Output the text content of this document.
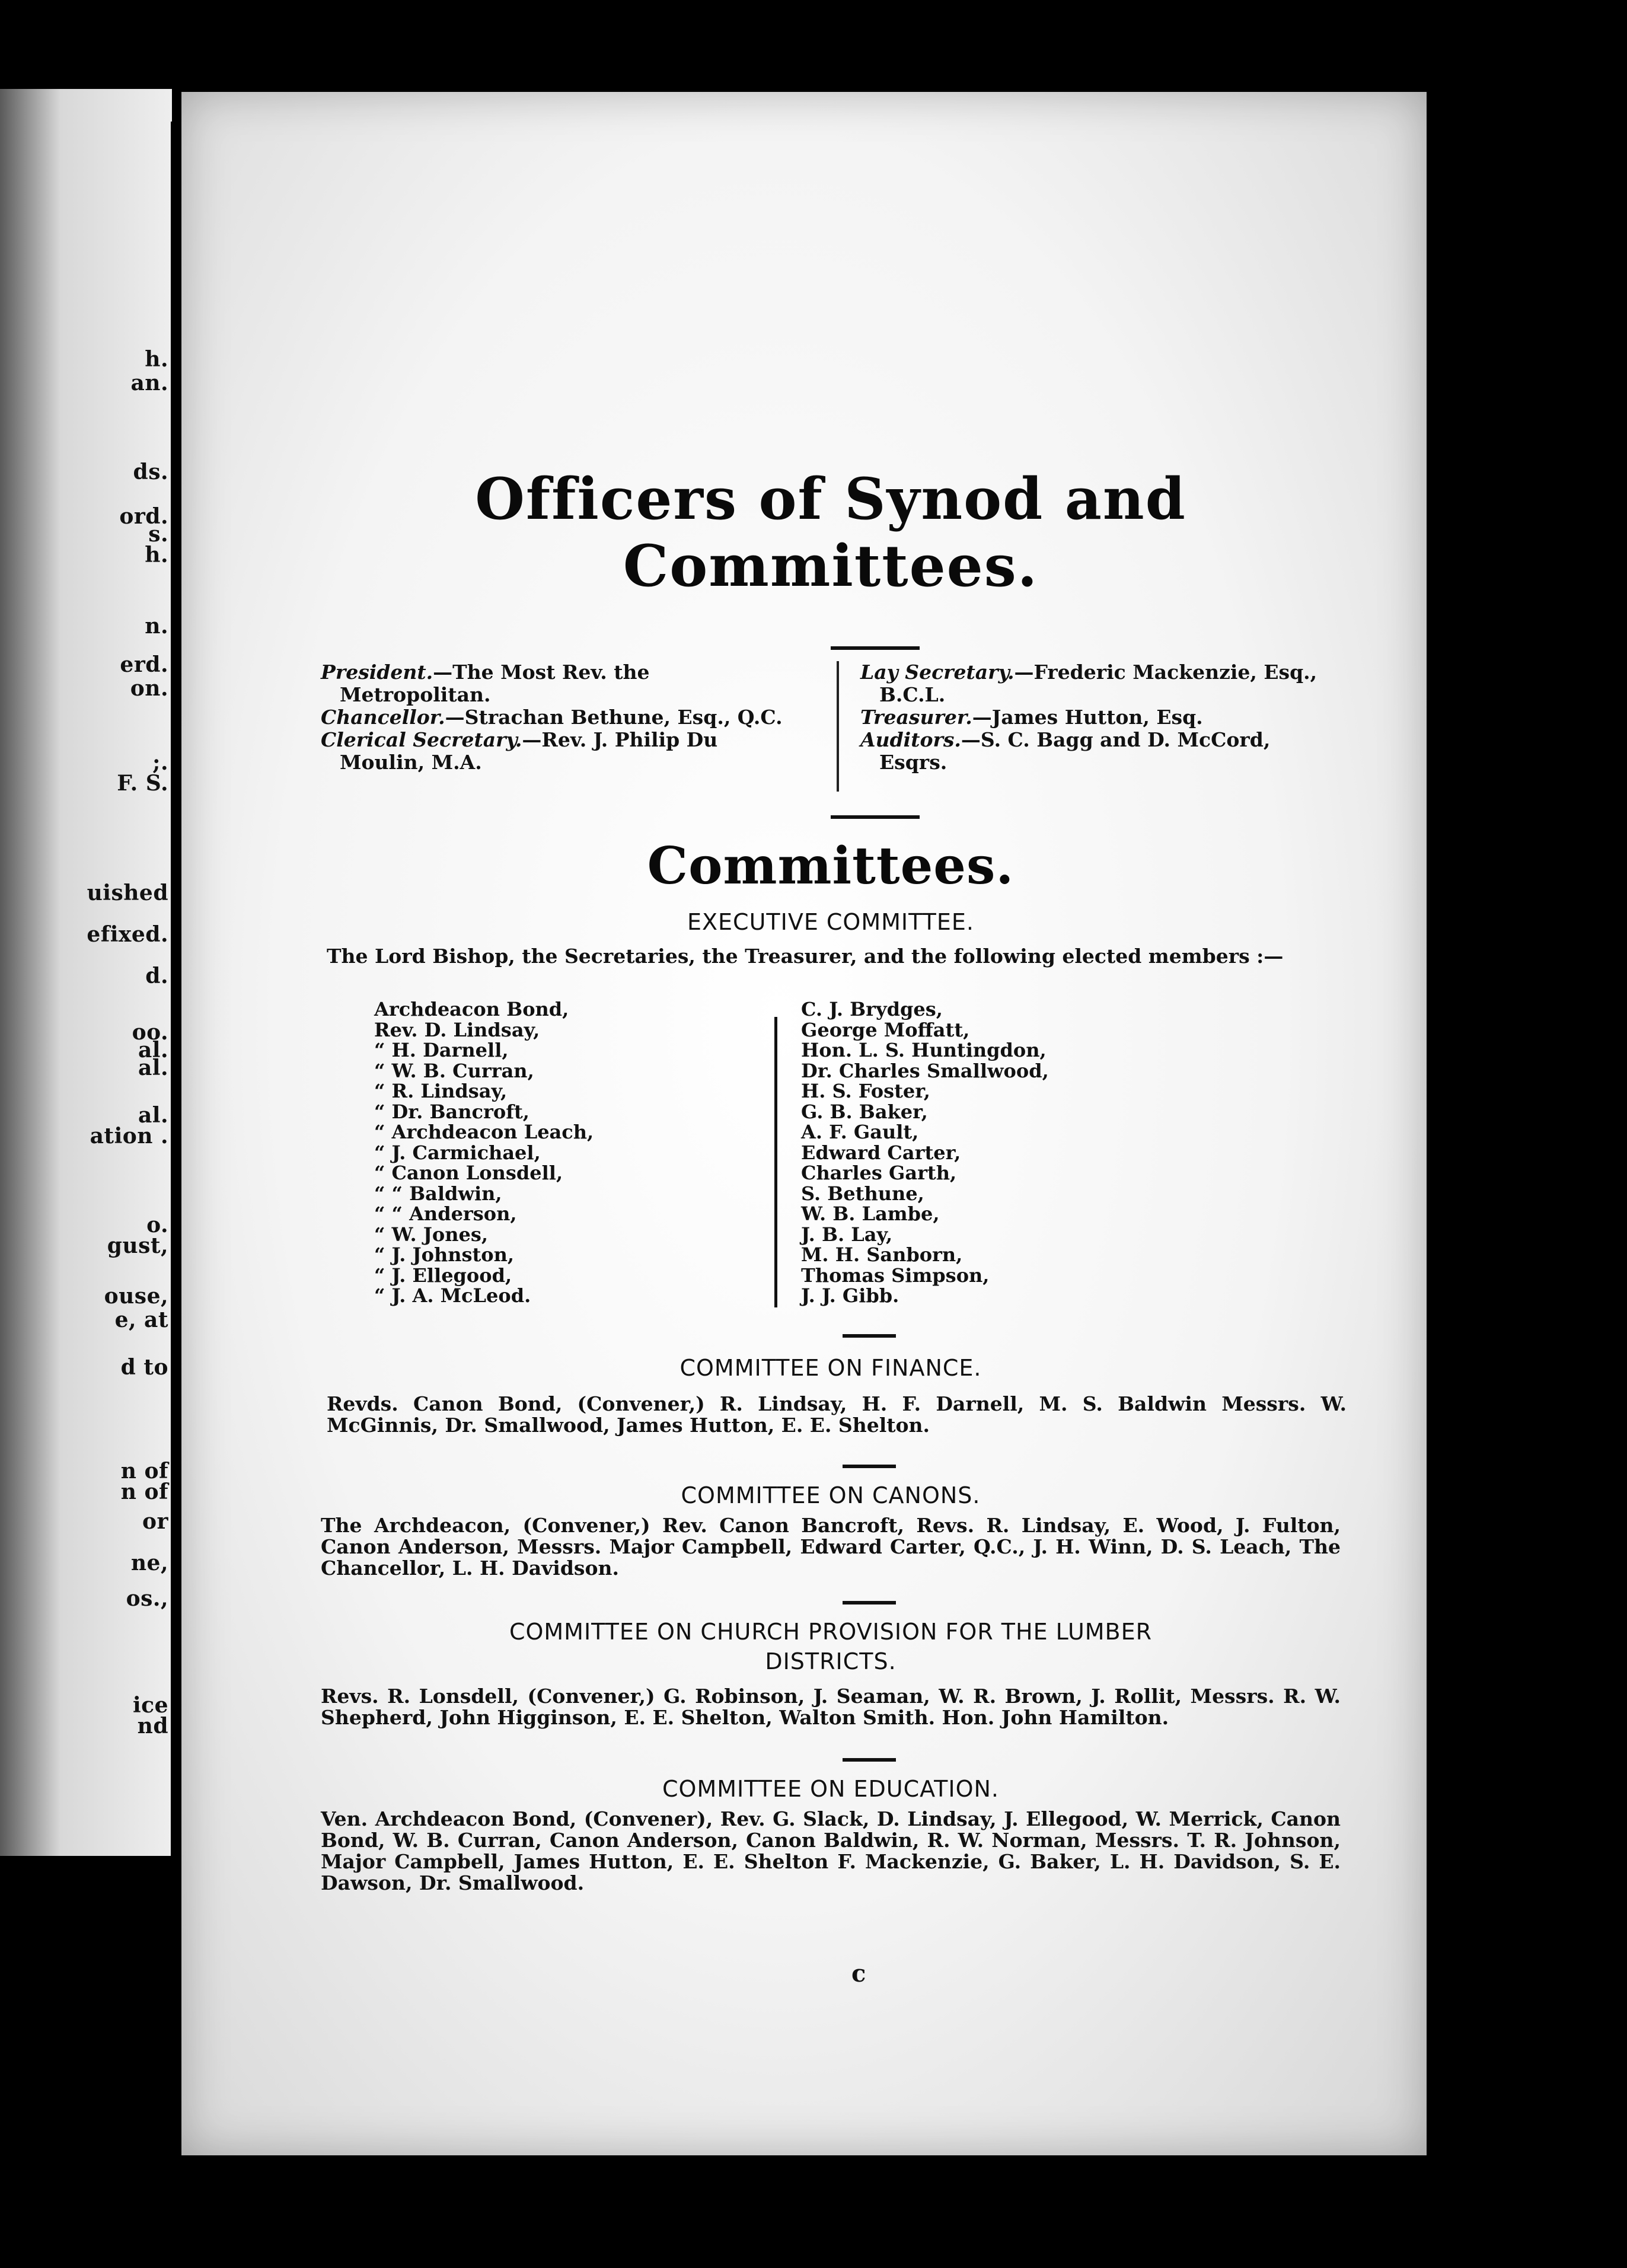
h.
an.
ds.
ord.
s.
h.
n.
erd.
on.
;.
F. S.
uished
efixed.
d.
oo.
al.
al.
al.
ation .
o.
gust,
ouse,
e, at
d to
n of
n of
or
ne,
os.,
ice
nd
Officers of Synod and Committees.
President.—The Most Rev. the Metropolitan.
Chancellor.—Strachan Bethune, Esq., Q.C.
Clerical Secretary.—Rev. J. Philip Du Moulin, M.A.
Lay Secretary.—Frederic Mackenzie, Esq., B.C.L.
Treasurer.—James Hutton, Esq.
Auditors.—S. C. Bagg and D. McCord, Esqrs.
Committees.
EXECUTIVE COMMITTEE.
The Lord Bishop, the Secretaries, the Treasurer, and the following elected members :—
Archdeacon Bond,
Rev. D. Lindsay,
“ H. Darnell,
“ W. B. Curran,
“ R. Lindsay,
“ Dr. Bancroft,
“ Archdeacon Leach,
“ J. Carmichael,
“ Canon Lonsdell,
“ “ Baldwin,
“ “ Anderson,
“ W. Jones,
“ J. Johnston,
“ J. Ellegood,
“ J. A. McLeod.
C. J. Brydges,
George Moffatt,
Hon. L. S. Huntingdon,
Dr. Charles Smallwood,
H. S. Foster,
G. B. Baker,
A. F. Gault,
Edward Carter,
Charles Garth,
S. Bethune,
W. B. Lambe,
J. B. Lay,
M. H. Sanborn,
Thomas Simpson,
J. J. Gibb.
COMMITTEE ON FINANCE.
Revds. Canon Bond, (Convener,) R. Lindsay, H. F. Darnell, M. S. Baldwin Messrs. W. McGinnis, Dr. Smallwood, James Hutton, E. E. Shelton.
COMMITTEE ON CANONS.
The Archdeacon, (Convener,) Rev. Canon Bancroft, Revs. R. Lindsay, E. Wood, J. Fulton, Canon Anderson, Messrs. Major Campbell, Edward Carter, Q.C., J. H. Winn, D. S. Leach, The Chancellor, L. H. Davidson.
COMMITTEE ON CHURCH PROVISION FOR THE LUMBER
DISTRICTS.
Revs. R. Lonsdell, (Convener,) G. Robinson, J. Seaman, W. R. Brown, J. Rollit, Messrs. R. W. Shepherd, John Higginson, E. E. Shelton, Walton Smith. Hon. John Hamilton.
COMMITTEE ON EDUCATION.
Ven. Archdeacon Bond, (Convener), Rev. G. Slack, D. Lindsay, J. Ellegood, W. Merrick, Canon Bond, W. B. Curran, Canon Anderson, Canon Baldwin, R. W. Norman, Messrs. T. R. Johnson, Major Campbell, James Hutton, E. E. Shelton F. Mackenzie, G. Baker, L. H. Davidson, S. E. Dawson, Dr. Smallwood.
c
